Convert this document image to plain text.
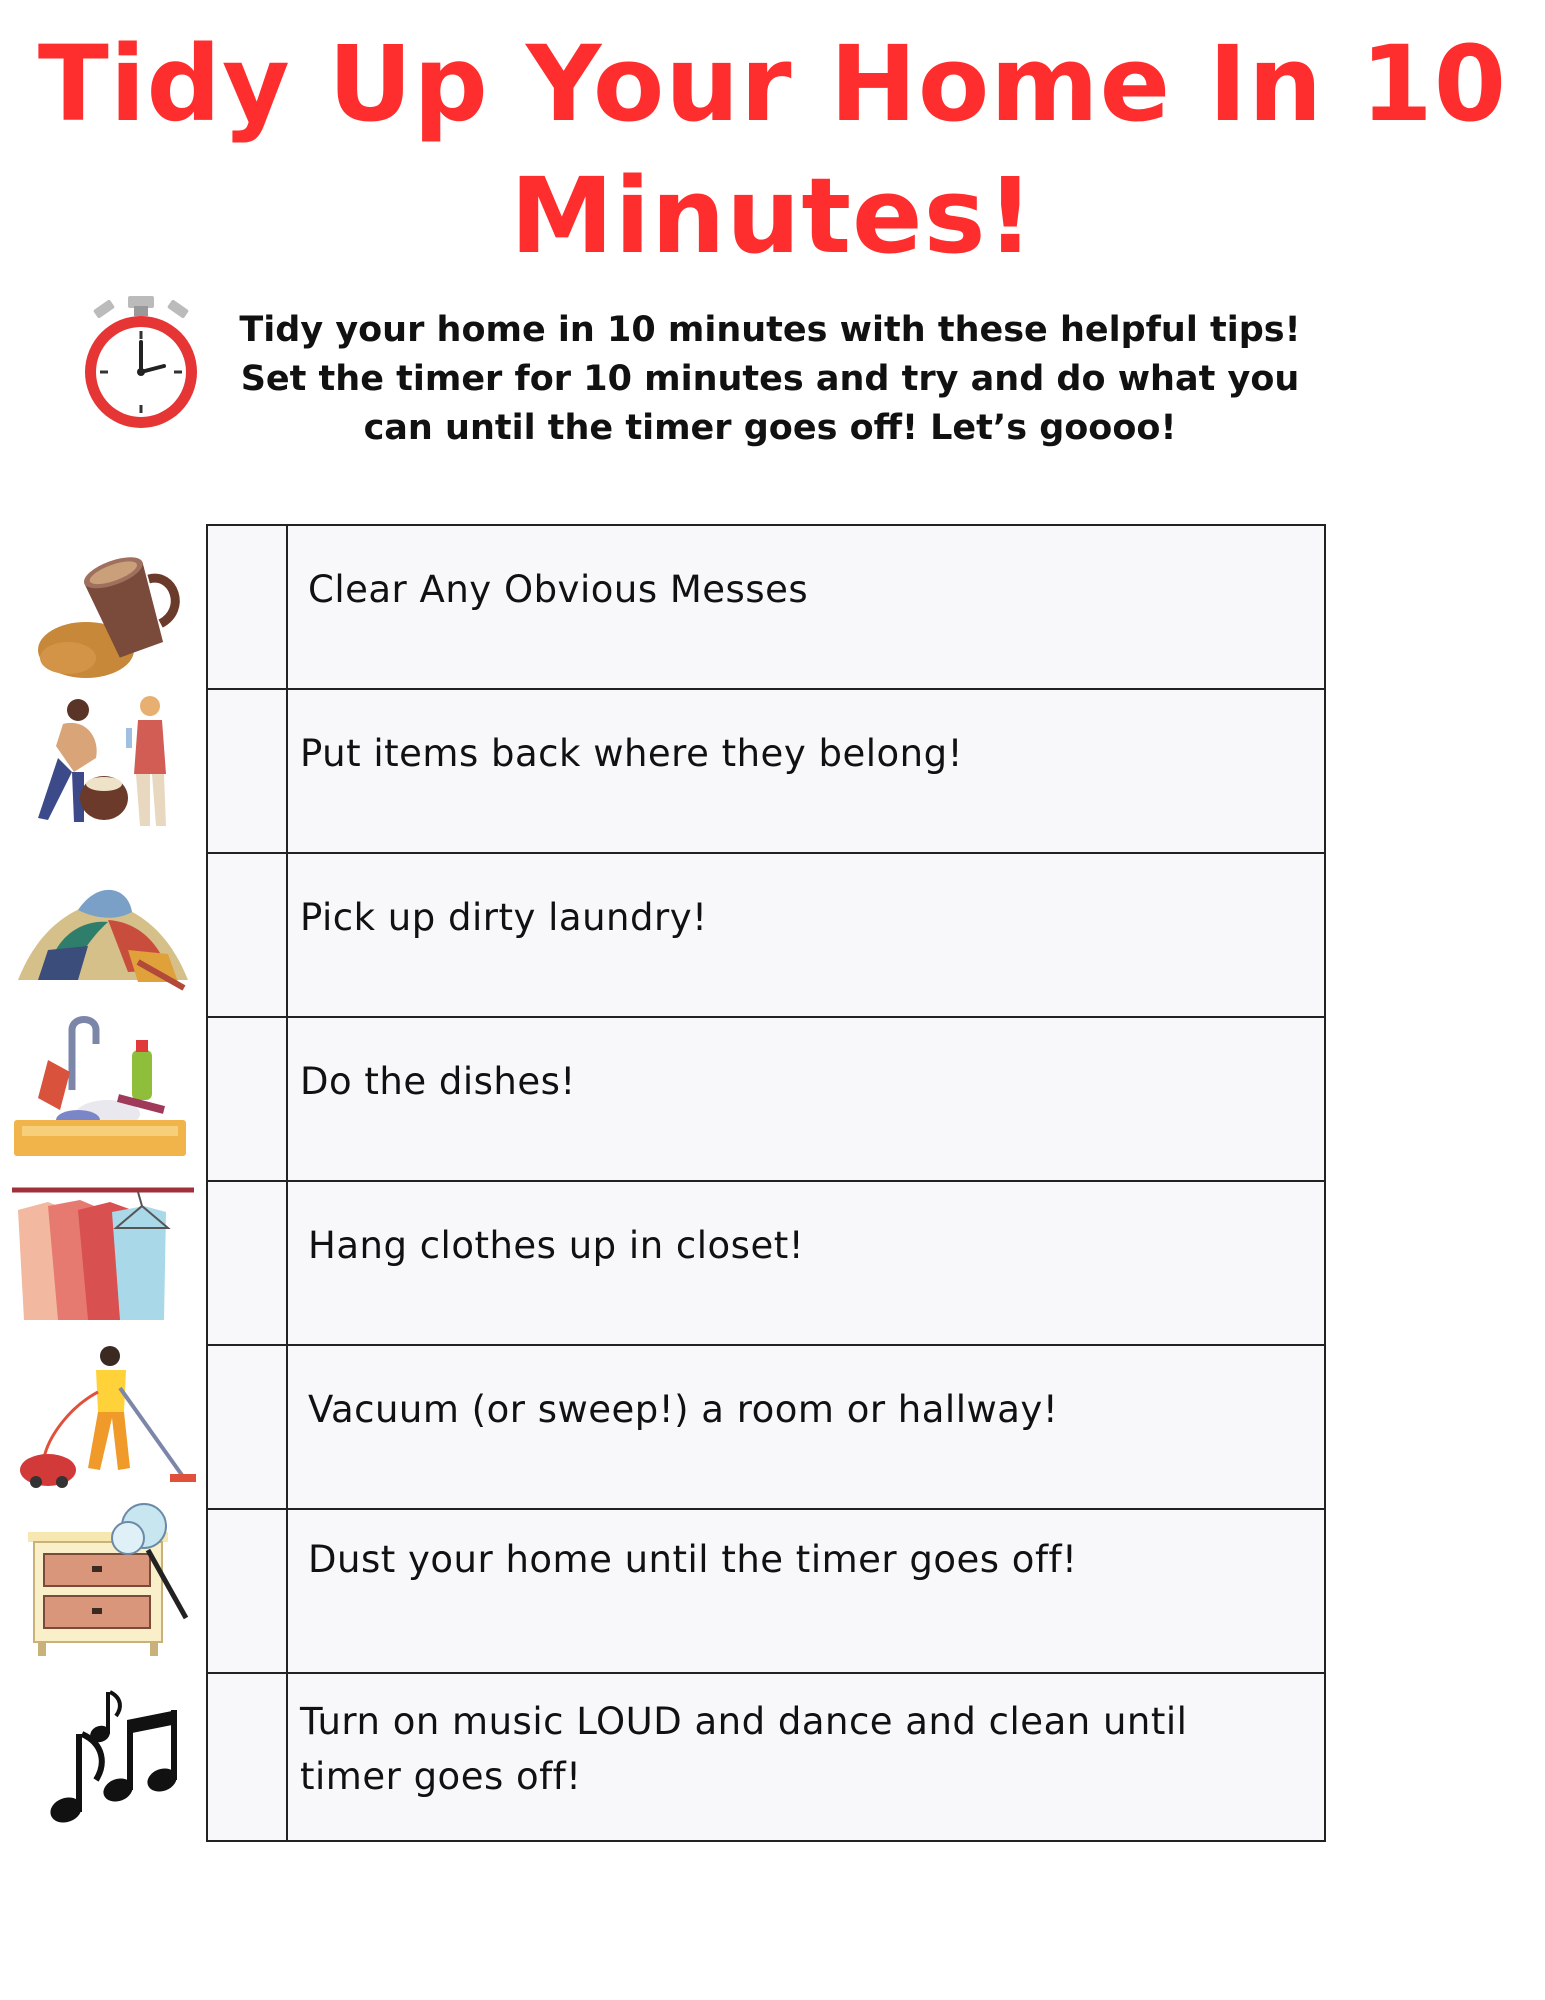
Tidy Up Your Home In 10 Minutes!
Tidy your home in 10 minutes with these helpful tips! Set the timer for 10 minutes and try and do what you can until the timer goes off! Let’s goooo!
Clear Any Obvious Messes
Put items back where they belong!
Pick up dirty laundry!
Do the dishes!
Hang clothes up in closet!
Vacuum (or sweep!) a room or hallway!
Dust your home until the timer goes off!
Turn on music LOUD and dance and clean until timer goes off!
